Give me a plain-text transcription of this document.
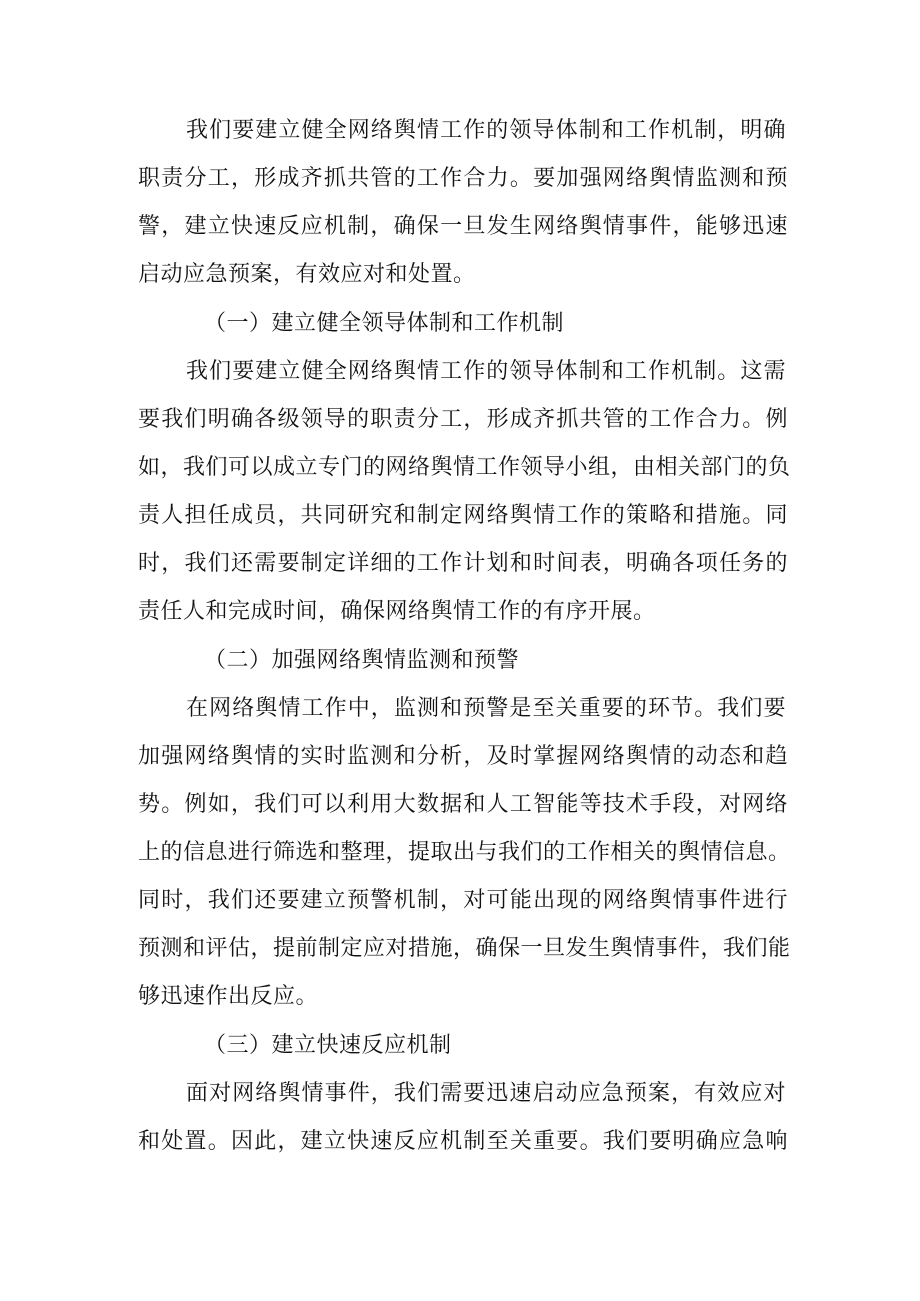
我们要建立健全网络舆情工作的领导体制和工作机制，明确
职责分工，形成齐抓共管的工作合力。要加强网络舆情监测和预
警，建立快速反应机制，确保一旦发生网络舆情事件，能够迅速
启动应急预案，有效应对和处置。
（一）建立健全领导体制和工作机制
我们要建立健全网络舆情工作的领导体制和工作机制。这需
要我们明确各级领导的职责分工，形成齐抓共管的工作合力。例
如，我们可以成立专门的网络舆情工作领导小组，由相关部门的负
责人担任成员，共同研究和制定网络舆情工作的策略和措施。同
时，我们还需要制定详细的工作计划和时间表，明确各项任务的
责任人和完成时间，确保网络舆情工作的有序开展。
（二）加强网络舆情监测和预警
在网络舆情工作中，监测和预警是至关重要的环节。我们要
加强网络舆情的实时监测和分析，及时掌握网络舆情的动态和趋
势。例如，我们可以利用大数据和人工智能等技术手段，对网络
上的信息进行筛选和整理，提取出与我们的工作相关的舆情信息。
同时，我们还要建立预警机制，对可能出现的网络舆情事件进行
预测和评估，提前制定应对措施，确保一旦发生舆情事件，我们能
够迅速作出反应。
（三）建立快速反应机制
面对网络舆情事件，我们需要迅速启动应急预案，有效应对
和处置。因此，建立快速反应机制至关重要。我们要明确应急响
